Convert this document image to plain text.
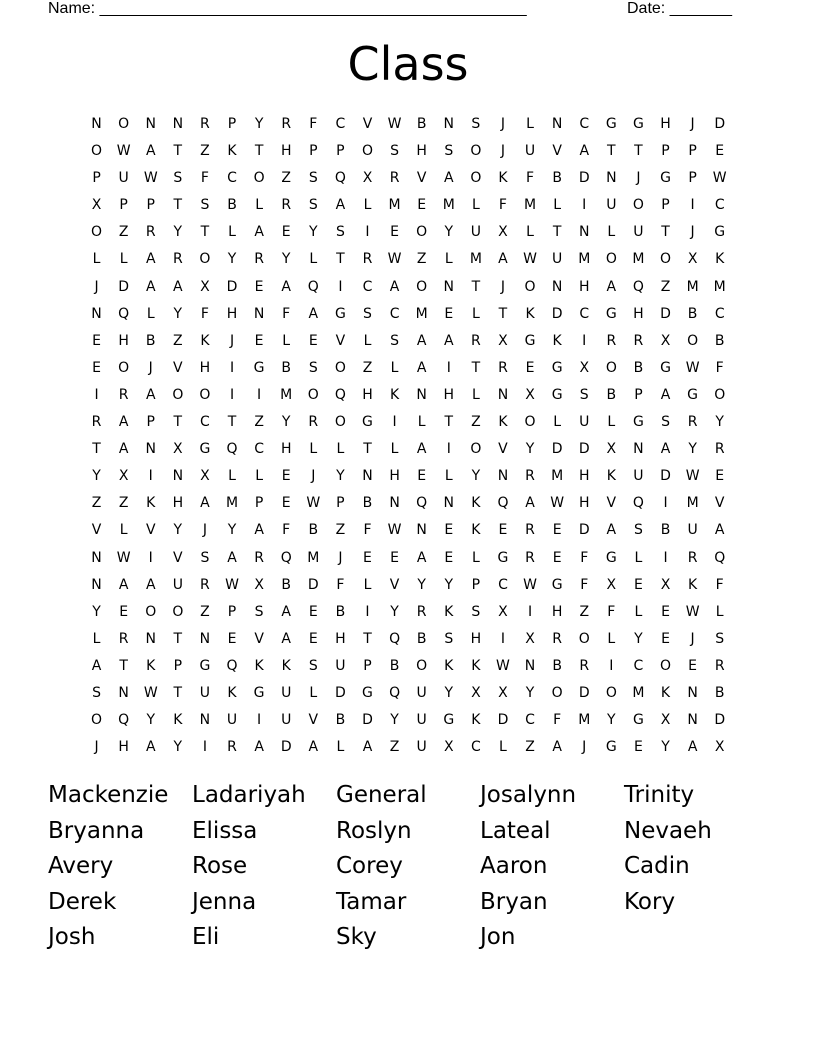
Name: ________________________________________________	Date: _______
Class
N	O	N	N	R	P	Y	R	F	C	V	W	B	N	S	J	L	N	C	G	G	H	J	D
O	W	A	T	Z	K	T	H	P	P	O	S	H	S	O	J	U	V	A	T	T	P	P	E
P	U	W	S	F	C	O	Z	S	Q	X	R	V	A	O	K	F	B	D	N	J	G	P	W
X	P	P	T	S	B	L	R	S	A	L	M	E	M	L	F	M	L	I	U	O	P	I	C
O	Z	R	Y	T	L	A	E	Y	S	I	E	O	Y	U	X	L	T	N	L	U	T	J	G
L	L	A	R	O	Y	R	Y	L	T	R	W	Z	L	M	A	W	U	M	O	M	O	X	K
J	D	A	A	X	D	E	A	Q	I	C	A	O	N	T	J	O	N	H	A	Q	Z	M	M
N	Q	L	Y	F	H	N	F	A	G	S	C	M	E	L	T	K	D	C	G	H	D	B	C
E	H	B	Z	K	J	E	L	E	V	L	S	A	A	R	X	G	K	I	R	R	X	O	B
E	O	J	V	H	I	G	B	S	O	Z	L	A	I	T	R	E	G	X	O	B	G	W	F
I	R	A	O	O	I	I	M	O	Q	H	K	N	H	L	N	X	G	S	B	P	A	G	O
R	A	P	T	C	T	Z	Y	R	O	G	I	L	T	Z	K	O	L	U	L	G	S	R	Y
T	A	N	X	G	Q	C	H	L	L	T	L	A	I	O	V	Y	D	D	X	N	A	Y	R
Y	X	I	N	X	L	L	E	J	Y	N	H	E	L	Y	N	R	M	H	K	U	D	W	E
Z	Z	K	H	A	M	P	E	W	P	B	N	Q	N	K	Q	A	W	H	V	Q	I	M	V
V	L	V	Y	J	Y	A	F	B	Z	F	W	N	E	K	E	R	E	D	A	S	B	U	A
N	W	I	V	S	A	R	Q	M	J	E	E	A	E	L	G	R	E	F	G	L	I	R	Q
N	A	A	U	R	W	X	B	D	F	L	V	Y	Y	P	C	W	G	F	X	E	X	K	F
Y	E	O	O	Z	P	S	A	E	B	I	Y	R	K	S	X	I	H	Z	F	L	E	W	L
L	R	N	T	N	E	V	A	E	H	T	Q	B	S	H	I	X	R	O	L	Y	E	J	S
A	T	K	P	G	Q	K	K	S	U	P	B	O	K	K	W	N	B	R	I	C	O	E	R
S	N	W	T	U	K	G	U	L	D	G	Q	U	Y	X	X	Y	O	D	O	M	K	N	B
O	Q	Y	K	N	U	I	U	V	B	D	Y	U	G	K	D	C	F	M	Y	G	X	N	D
J	H	A	Y	I	R	A	D	A	L	A	Z	U	X	C	L	Z	A	J	G	E	Y	A	X
Mackenzie	Ladariyah	General	Josalynn	Trinity
Bryanna	Elissa	Roslyn	Lateal	Nevaeh
Avery	Rose	Corey	Aaron	Cadin
Derek	Jenna	Tamar	Bryan	Kory
Josh	Eli	Sky	Jon
